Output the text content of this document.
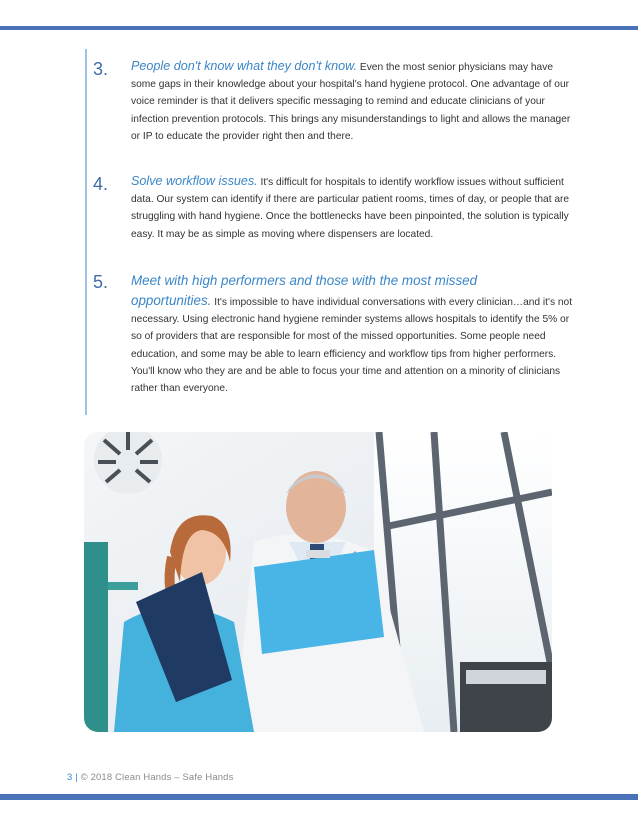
3. People don't know what they don't know. Even the most senior physicians may have some gaps in their knowledge about your hospital's hand hygiene protocol. One advantage of our voice reminder is that it delivers specific messaging to remind and educate clinicians of your infection prevention protocols. This brings any misunderstandings to light and allows the manager or IP to educate the provider right then and there.
4. Solve workflow issues. It's difficult for hospitals to identify workflow issues without sufficient data. Our system can identify if there are particular patient rooms, times of day, or people that are struggling with hand hygiene. Once the bottlenecks have been pinpointed, the solution is typically easy. It may be as simple as moving where dispensers are located.
5. Meet with high performers and those with the most missed
opportunities. It's impossible to have individual conversations with every clinician…and it's not necessary. Using electronic hand hygiene reminder systems allows hospitals to identify the 5% or so of providers that are responsible for most of the missed opportunities. Some people need education, and some may be able to learn efficiency and workflow tips from higher performers. You'll know who they are and be able to focus your time and attention on a minority of clinicians rather than everyone.
3 | © 2018 Clean Hands – Safe Hands
